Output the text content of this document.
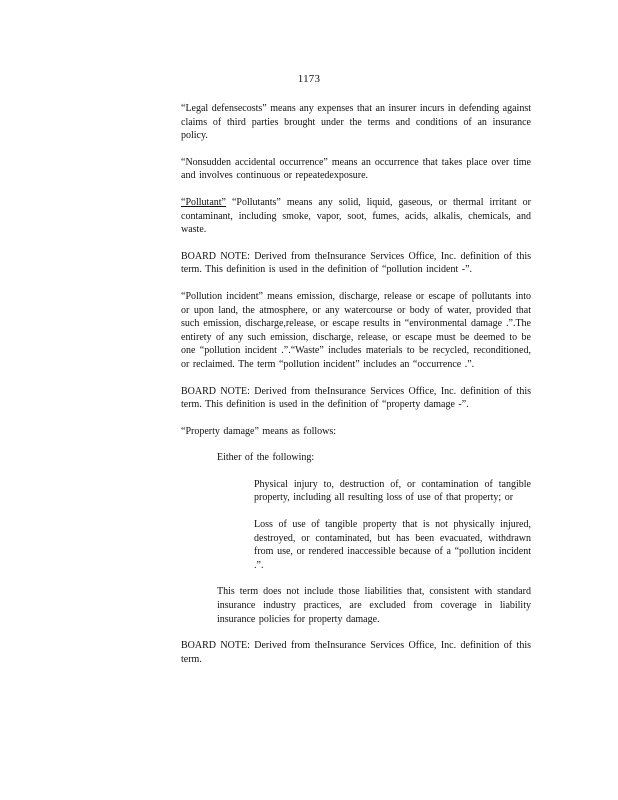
1173

“Legal defensecosts” means any expenses that an insurer incurs in defending against claims of third parties brought under the terms and conditions of an insurance policy.

“Nonsudden accidental occurrence” means an occurrence that takes place over time and involves continuous or repeatedexposure.

“Pollutant” “Pollutants” means any solid, liquid, gaseous, or thermal irritant or contaminant, including smoke, vapor, soot, fumes, acids, alkalis, chemicals, and waste.

BOARD NOTE: Derived from theInsurance Services Office, Inc. definition of this term. This definition is used in the definition of “pollution incident -”.

“Pollution incident” means emission, discharge, release or escape of pollutants into or upon land, the atmosphere, or any watercourse or body of water, provided that such emission, discharge,release, or escape results in “environmental damage .”.The entirety of any such emission, discharge, release, or escape must be deemed to be one “pollution incident .”.“Waste” includes materials to be recycled, reconditioned, or reclaimed. The term “pollution incident” includes an “occurrence .”.

BOARD NOTE: Derived from theInsurance Services Office, Inc. definition of this term. This definition is used in the definition of “property damage -”.

“Property damage” means as follows:

Either of the following:

Physical injury to, destruction of, or contamination of tangible property, including all resulting loss of use of that property; or

Loss of use of tangible property that is not physically injured, destroyed, or contaminated, but has been evacuated, withdrawn from use, or rendered inaccessible because of a “pollution incident .”.

This term does not include those liabilities that, consistent with standard insurance industry practices, are excluded from coverage in liability insurance policies for property damage.

BOARD NOTE: Derived from theInsurance Services Office, Inc. definition of this term.
